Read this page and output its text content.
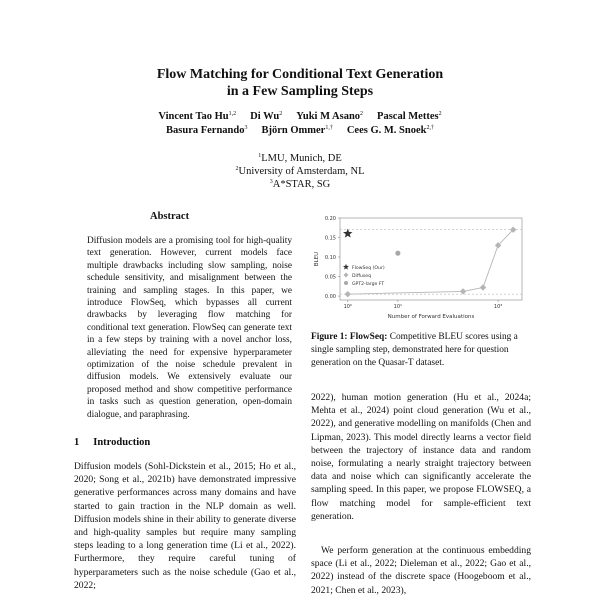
Flow Matching for Conditional Text Generation
in a Few Sampling Steps
Vincent Tao Hu$^{1,2}$ Di Wu$^2$ Yuki M Asano$^2$ Pascal Mettes$^2$
Basura Fernando$^3$ Björn Ommer$^{1,\dagger}$ Cees G. M. Snoek$^{2,\dagger}$
$^1$LMU, Munich, DE
$^2$University of Amsterdam, NL
$^3$A*STAR, SG
Abstract
Diffusion models are a promising tool for high-quality text generation. However, current models face multiple drawbacks including slow sampling, noise schedule sensitivity, and misalignment between the training and sampling stages. In this paper, we introduce FlowSeq, which bypasses all current drawbacks by leveraging flow matching for conditional text generation. FlowSeq can generate text in a few steps by training with a novel anchor loss, alleviating the need for expensive hyperparameter optimization of the noise schedule prevalent in diffusion models. We extensively evaluate our proposed method and show competitive performance in tasks such as question generation, open-domain dialogue, and paraphrasing.
1 Introduction
Diffusion models (Sohl-Dickstein et al., 2015; Ho et al., 2020; Song et al., 2021b) have demonstrated impressive generative performances across many domains and have started to gain traction in the NLP domain as well. Diffusion models shine in their ability to generate diverse and high-quality samples but require many sampling steps leading to a long generation time (Li et al., 2022). Furthermore, they require careful tuning of hyperparameters such as the noise schedule (Gao et al., 2022;
0.00
0.05
0.10
0.15
0.20
10⁰	10¹	10³
Number of Forward Evaluations
BLEU
FlowSeq (Our)
Diffuseq
GPT2-large FT
Figure 1: FlowSeq: Competitive BLEU scores using a single sampling step, demonstrated here for question generation on the Quasar-T dataset.
2022), human motion generation (Hu et al., 2024a; Mehta et al., 2024) point cloud generation (Wu et al., 2022), and generative modelling on manifolds (Chen and Lipman, 2023). This model directly learns a vector field between the trajectory of instance data and random noise, formulating a nearly straight trajectory between data and noise which can significantly accelerate the sampling speed. In this paper, we propose FLOWSEQ, a flow matching model for sample-efficient text generation.
We perform generation at the continuous embedding space (Li et al., 2022; Dieleman et al., 2022; Gao et al., 2022) instead of the discrete space (Hoogeboom et al., 2021; Chen et al., 2023),
